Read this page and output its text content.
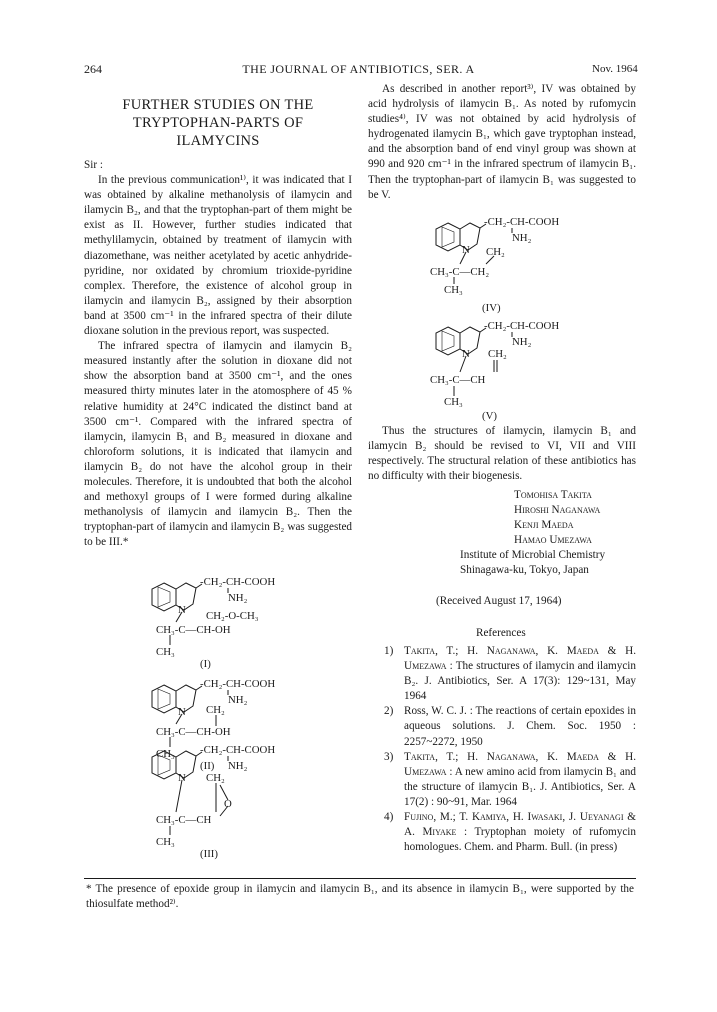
264	THE JOURNAL OF ANTIBIOTICS, SER. A	Nov. 1964
FURTHER STUDIES ON THE TRYPTOPHAN-PARTS OF ILAMYCINS

Sir :

In the previous communication¹⁾, it was indicated that I was obtained by alkaline methanolysis of ilamycin and ilamycin B₂, and that the tryptophan-part of them might be exist as II. However, further studies indicated that methylilamycin, obtained by treatment of ilamycin with diazomethane, was neither acetylated by acetic anhydride-pyridine, nor oxidated by chromium trioxide-pyridine complex. Therefore, the existence of alcohol group in ilamycin and ilamycin B₂, assigned by their absorption band at 3500 cm⁻¹ in the infrared spectra of their dilute dioxane solution in the previous report, was suspected.

The infrared spectra of ilamycin and ilamycin B₂ measured instantly after the solution in dioxane did not show the absorption band at 3500 cm⁻¹, and the ones measured thirty minutes later in the atomosphere of 45 % relative humidity at 24°C indicated the distinct band at 3500 cm⁻¹. Compared with the infrared spectra of ilamycin, ilamycin B₁ and B₂ measured in dioxane and chloroform solutions, it is indicated that ilamycin and ilamycin B₂ do not have the alcohol group in their molecules. Therefore, it is undoubted that both the alcohol and methoxyl groups of I were formed during alkaline methanolysis of ilamycin and ilamycin B₂. Then the tryptophan-part of ilamycin and ilamycin B₂ was suggested to be III.*

-CH₂-CH-COOH
NH₂
N CH₂-O-CH₃
CH₃-C—CH-OH
CH₃
(I)
-CH₂-CH-COOH
NH₂
N CH₂
CH₃-C—CH-OH
CH₃
(II)
-CH₂-CH-COOH
NH₂
N CH₂
O
CH₃-C—CH
CH₃
(III)

As described in another report³⁾, IV was obtained by acid hydrolysis of ilamycin B₁. As noted by rufomycin studies⁴⁾, IV was not obtained by acid hydrolysis of hydrogenated ilamycin B₁, which gave tryptophan instead, and the absorption band of end vinyl group was shown at 990 and 920 cm⁻¹ in the infrared spectrum of ilamycin B₁. Then the tryptophan-part of ilamycin B₁ was suggested to be V.

-CH₂-CH-COOH
NH₂
N CH₂
CH₃-C—CH₂
CH₃
(IV)
-CH₂-CH-COOH
NH₂
N CH₂
CH₃-C—CH
CH₃
(V)

Thus the structures of ilamycin, ilamycin B₁ and ilamycin B₂ should be revised to VI, VII and VIII respectively. The structural relation of these antibiotics has no difficulty with their biogenesis.

Tomohisa Takita
Hiroshi Naganawa
Kenji Maeda
Hamao Umezawa
Institute of Microbial Chemistry
Shinagawa-ku, Tokyo, Japan
(Received August 17, 1964)
References
1) Takita, T.; H. Naganawa, K. Maeda & H. Umezawa : The structures of ilamycin and ilamycin B₂. J. Antibiotics, Ser. A 17(3): 129~131, May 1964
2) Ross, W. C. J. : The reactions of certain epoxides in aqueous solutions. J. Chem. Soc. 1950 : 2257~2272, 1950
3) Takita, T.; H. Naganawa, K. Maeda & H. Umezawa : A new amino acid from ilamycin B₁ and the structure of ilamycin B₁. J. Antibiotics, Ser. A 17(2) : 90~91, Mar. 1964
4) Fujino, M.; T. Kamiya, H. Iwasaki, J. Ueyanagi & A. Miyake : Tryptophan moiety of rufomycin homologues. Chem. and Pharm. Bull. (in press)
* The presence of epoxide group in ilamycin and ilamycin B₁, and its absence in ilamycin B₁, were supported by the thiosulfate method²⁾.
